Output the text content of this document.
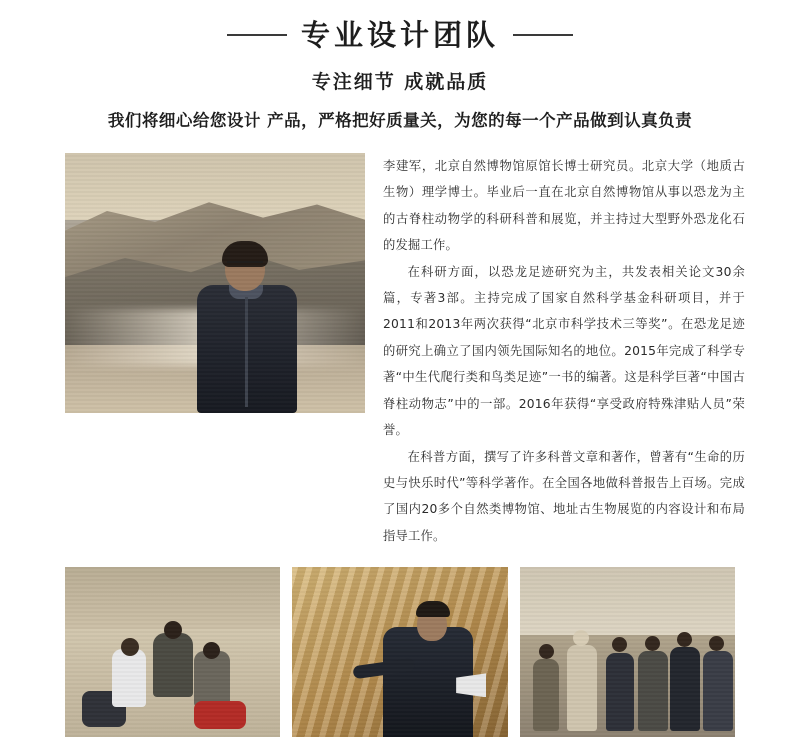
专业设计团队
专注细节 成就品质
我们将细心给您设计 产品，严格把好质量关，为您的每一个产品做到认真负责

李建军，北京自然博物馆原馆长博士研究员。北京大学（地质古生物）理学博士。毕业后一直在北京自然博物馆从事以恐龙为主的古脊柱动物学的科研科普和展览，并主持过大型野外恐龙化石的发掘工作。

在科研方面，以恐龙足迹研究为主，共发表相关论文30余篇，专著3部。主持完成了国家自然科学基金科研项目，并于2011和2013年两次获得“北京市科学技术三等奖”。在恐龙足迹的研究上确立了国内领先国际知名的地位。2015年完成了科学专著“中生代爬行类和鸟类足迹”一书的编著。这是科学巨著“中国古脊柱动物志”中的一部。2016年获得“享受政府特殊津贴人员”荣誉。

在科普方面，撰写了许多科普文章和著作，曾著有“生命的历史与快乐时代”等科学著作。在全国各地做科普报告上百场。完成了国内20多个自然类博物馆、地址古生物展览的内容设计和布局指导工作。
